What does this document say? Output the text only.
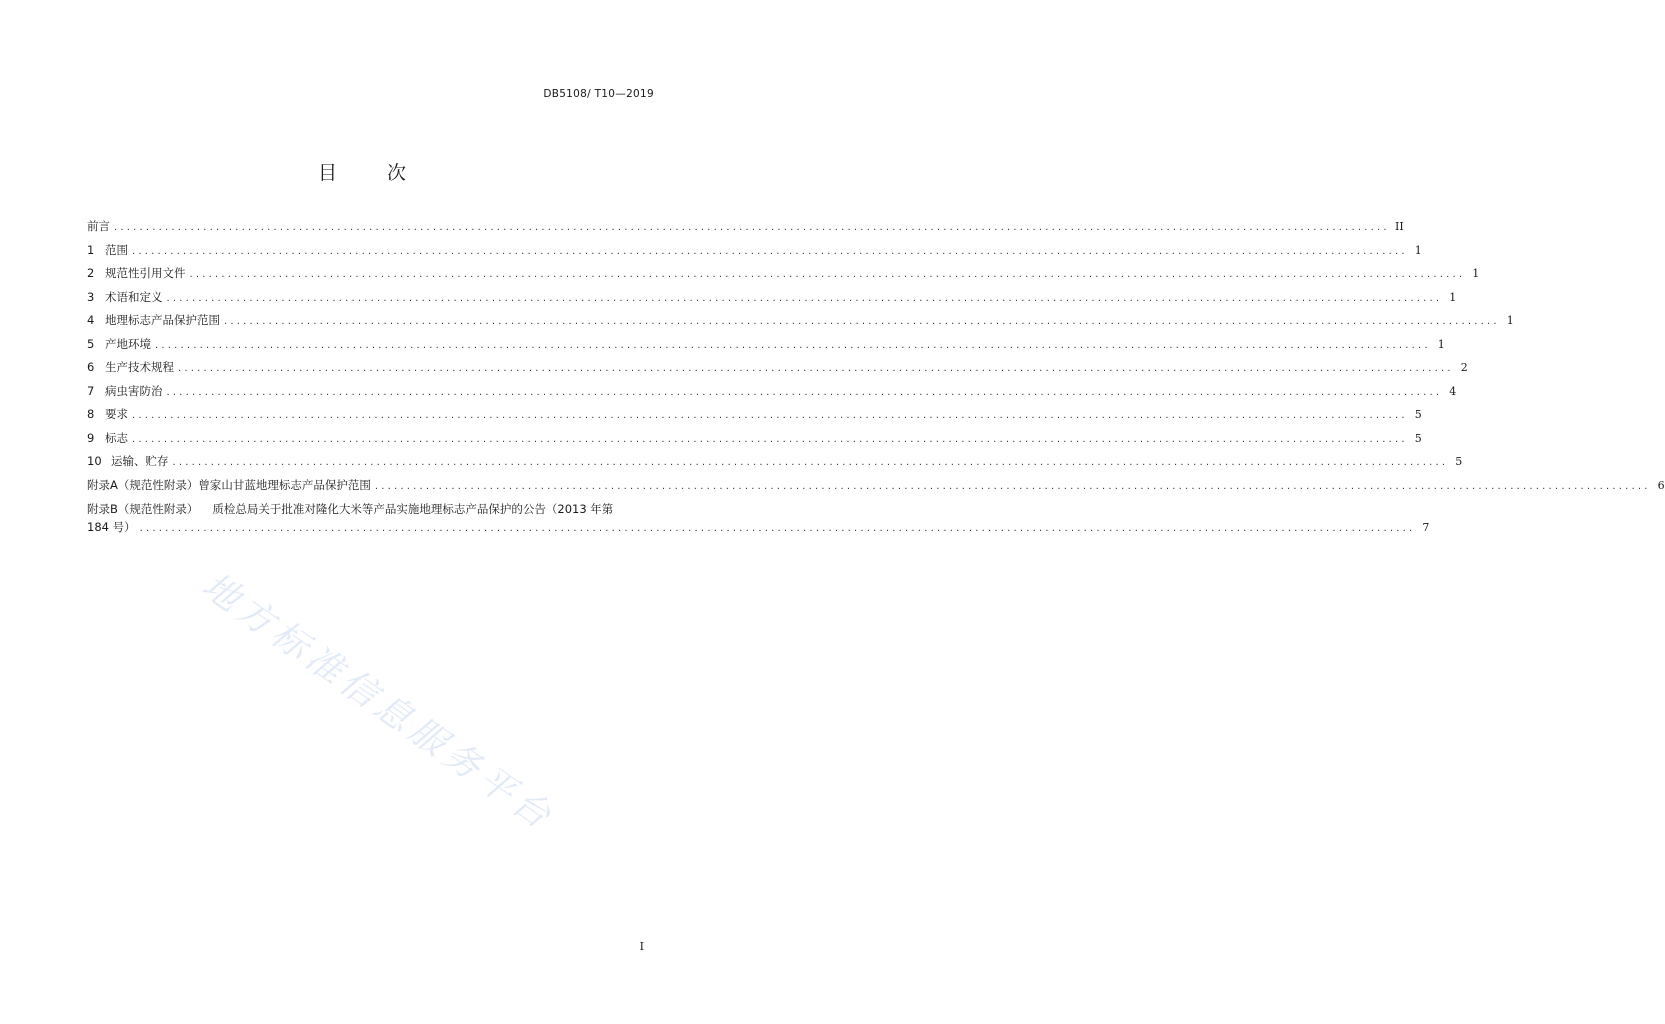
DB5108/ T10—2019
目 次
前言 ........................................................................................................................................................................................................ II
1 范围 ........................................................................................................................................................................................................ 1
2 规范性引用文件 ........................................................................................................................................................................................................ 1
3 术语和定义 ........................................................................................................................................................................................................ 1
4 地理标志产品保护范围 ........................................................................................................................................................................................................ 1
5 产地环境 ........................................................................................................................................................................................................ 1
6 生产技术规程 ........................................................................................................................................................................................................ 2
7 病虫害防治 ........................................................................................................................................................................................................ 4
8 要求 ........................................................................................................................................................................................................ 5
9 标志 ........................................................................................................................................................................................................ 5
10 运输、贮存 ........................................................................................................................................................................................................ 5
附录A（规范性附录） 曾家山甘蓝地理标志产品保护范围 ........................................................................................................................................................................................................ 6
附录B（规范性附录） 质检总局关于批准对隆化大米等产品实施地理标志产品保护的公告（2013 年第
184 号） ........................................................................................................................................................................................................ 7
地方标准信息服务平台
I
